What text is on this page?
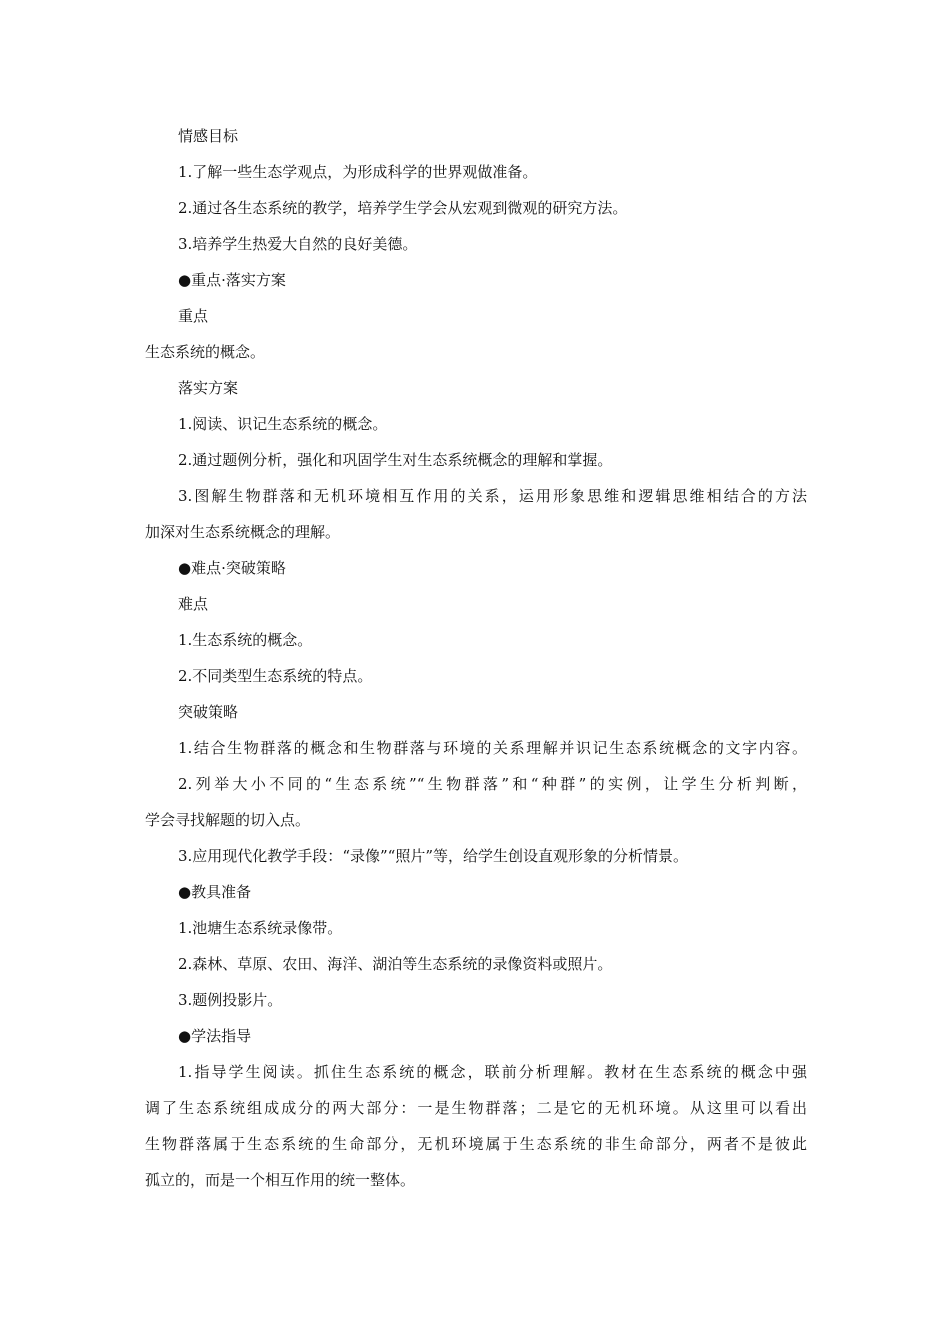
情感目标

1.了解一些生态学观点，为形成科学的世界观做准备。

2.通过各生态系统的教学，培养学生学会从宏观到微观的研究方法。

3.培养学生热爱大自然的良好美德。

●重点·落实方案

重点

生态系统的概念。

落实方案

1.阅读、识记生态系统的概念。

2.通过题例分析，强化和巩固学生对生态系统概念的理解和掌握。

3.图解生物群落和无机环境相互作用的关系，运用形象思维和逻辑思维相结合的方法

加深对生态系统概念的理解。

●难点·突破策略

难点

1.生态系统的概念。

2.不同类型生态系统的特点。

突破策略

1.结合生物群落的概念和生物群落与环境的关系理解并识记生态系统概念的文字内容。

2.列举大小不同的“生态系统”“生物群落”和“种群”的实例，让学生分析判断，

学会寻找解题的切入点。

3.应用现代化教学手段：“录像”“照片”等，给学生创设直观形象的分析情景。

●教具准备

1.池塘生态系统录像带。

2.森林、草原、农田、海洋、湖泊等生态系统的录像资料或照片。

3.题例投影片。

●学法指导

1.指导学生阅读。抓住生态系统的概念，联前分析理解。教材在生态系统的概念中强

调了生态系统组成成分的两大部分：一是生物群落；二是它的无机环境。从这里可以看出

生物群落属于生态系统的生命部分，无机环境属于生态系统的非生命部分，两者不是彼此

孤立的，而是一个相互作用的统一整体。
